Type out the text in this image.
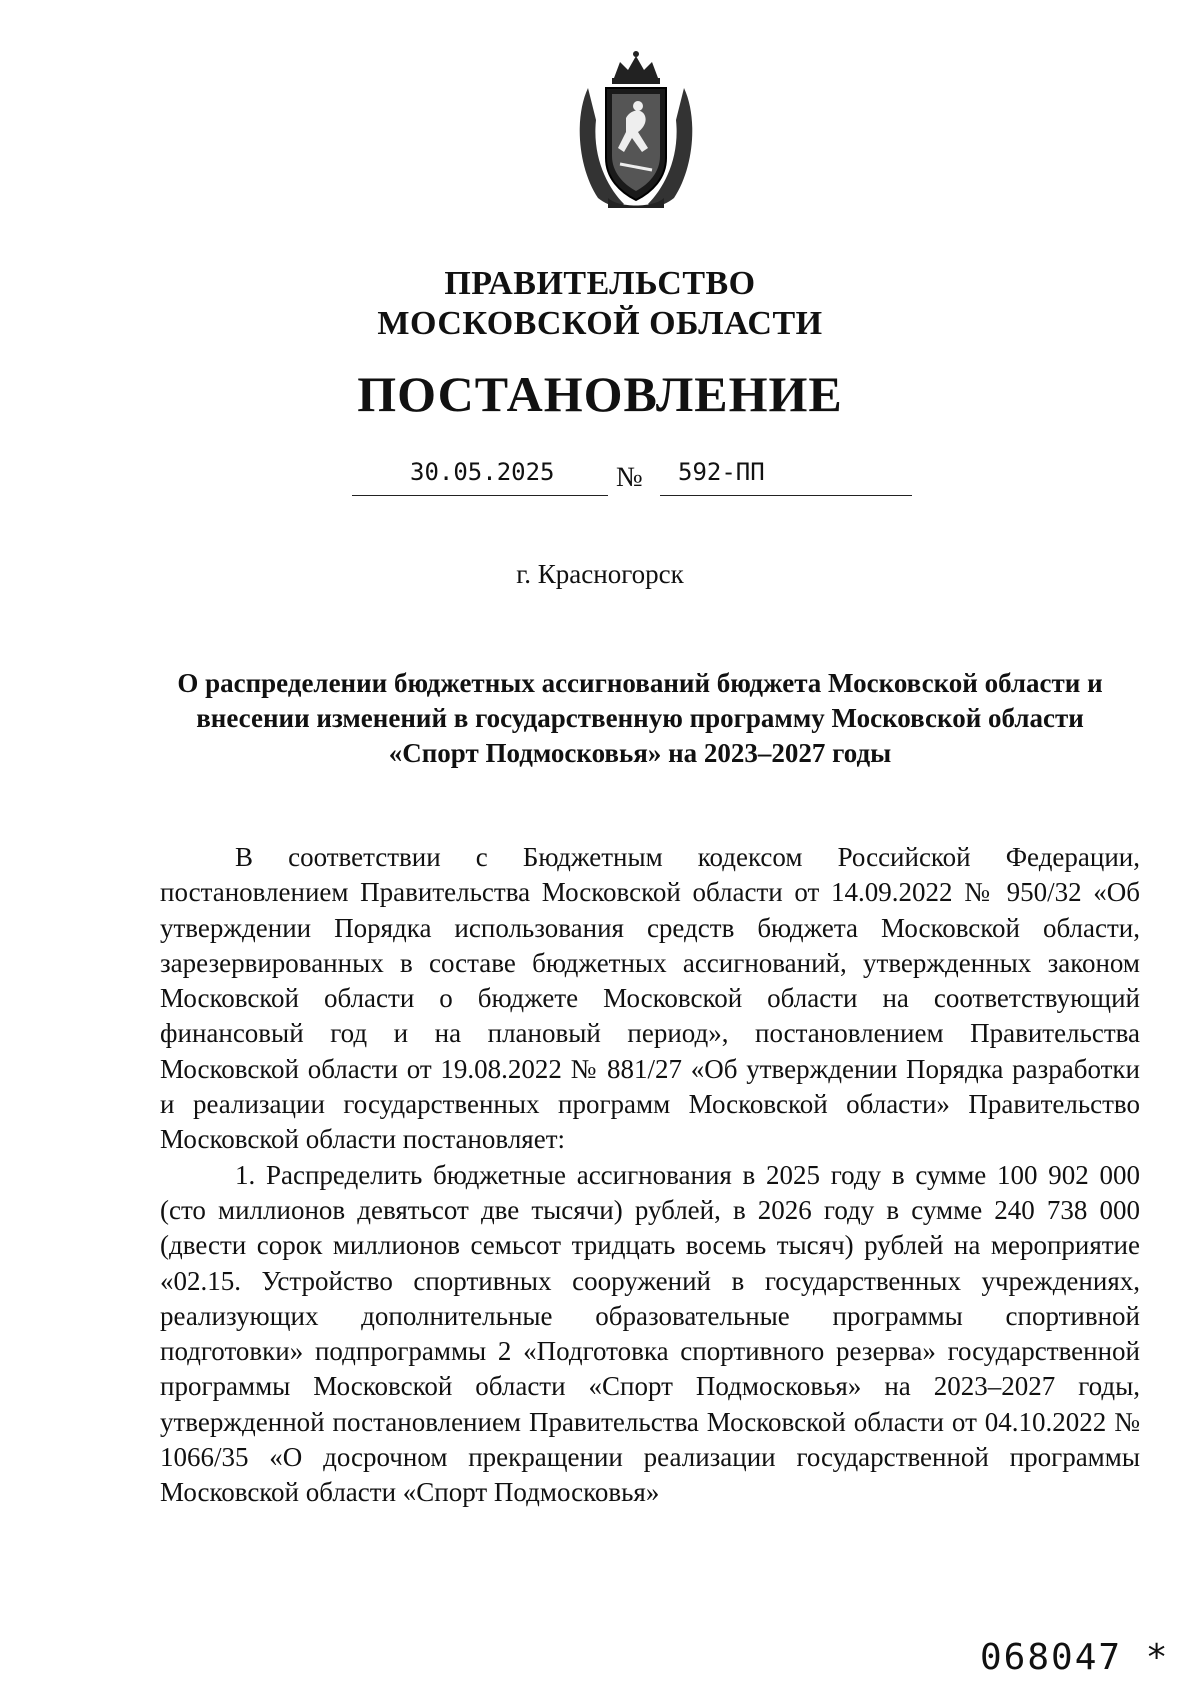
ПРАВИТЕЛЬСТВО
МОСКОВСКОЙ ОБЛАСТИ
ПОСТАНОВЛЕНИЕ
30.05.2025 № 592-ПП
г. Красногорск
О распределении бюджетных ассигнований бюджета Московской области и внесении изменений в государственную программу Московской области «Спорт Подмосковья» на 2023–2027 годы

В соответствии с Бюджетным кодексом Российской Федерации, постановлением Правительства Московской области от 14.09.2022 № 950/32 «Об утверждении Порядка использования средств бюджета Московской области, зарезервированных в составе бюджетных ассигнований, утвержденных законом Московской области о бюджете Московской области на соответствующий финансовый год и на плановый период», постановлением Правительства Московской области от 19.08.2022 № 881/27 «Об утверждении Порядка разработки и реализации государственных программ Московской области» Правительство Московской области постановляет:

1. Распределить бюджетные ассигнования в 2025 году в сумме 100 902 000 (сто миллионов девятьсот две тысячи) рублей, в 2026 году в сумме 240 738 000 (двести сорок миллионов семьсот тридцать восемь тысяч) рублей на мероприятие «02.15. Устройство спортивных сооружений в государственных учреждениях, реализующих дополнительные образовательные программы спортивной подготовки» подпрограммы 2 «Подготовка спортивного резерва» государственной программы Московской области «Спорт Подмосковья» на 2023–2027 годы, утвержденной постановлением Правительства Московской области от 04.10.2022 № 1066/35 «О досрочном прекращении реализации государственной программы Московской области «Спорт Подмосковья»

068047 *
